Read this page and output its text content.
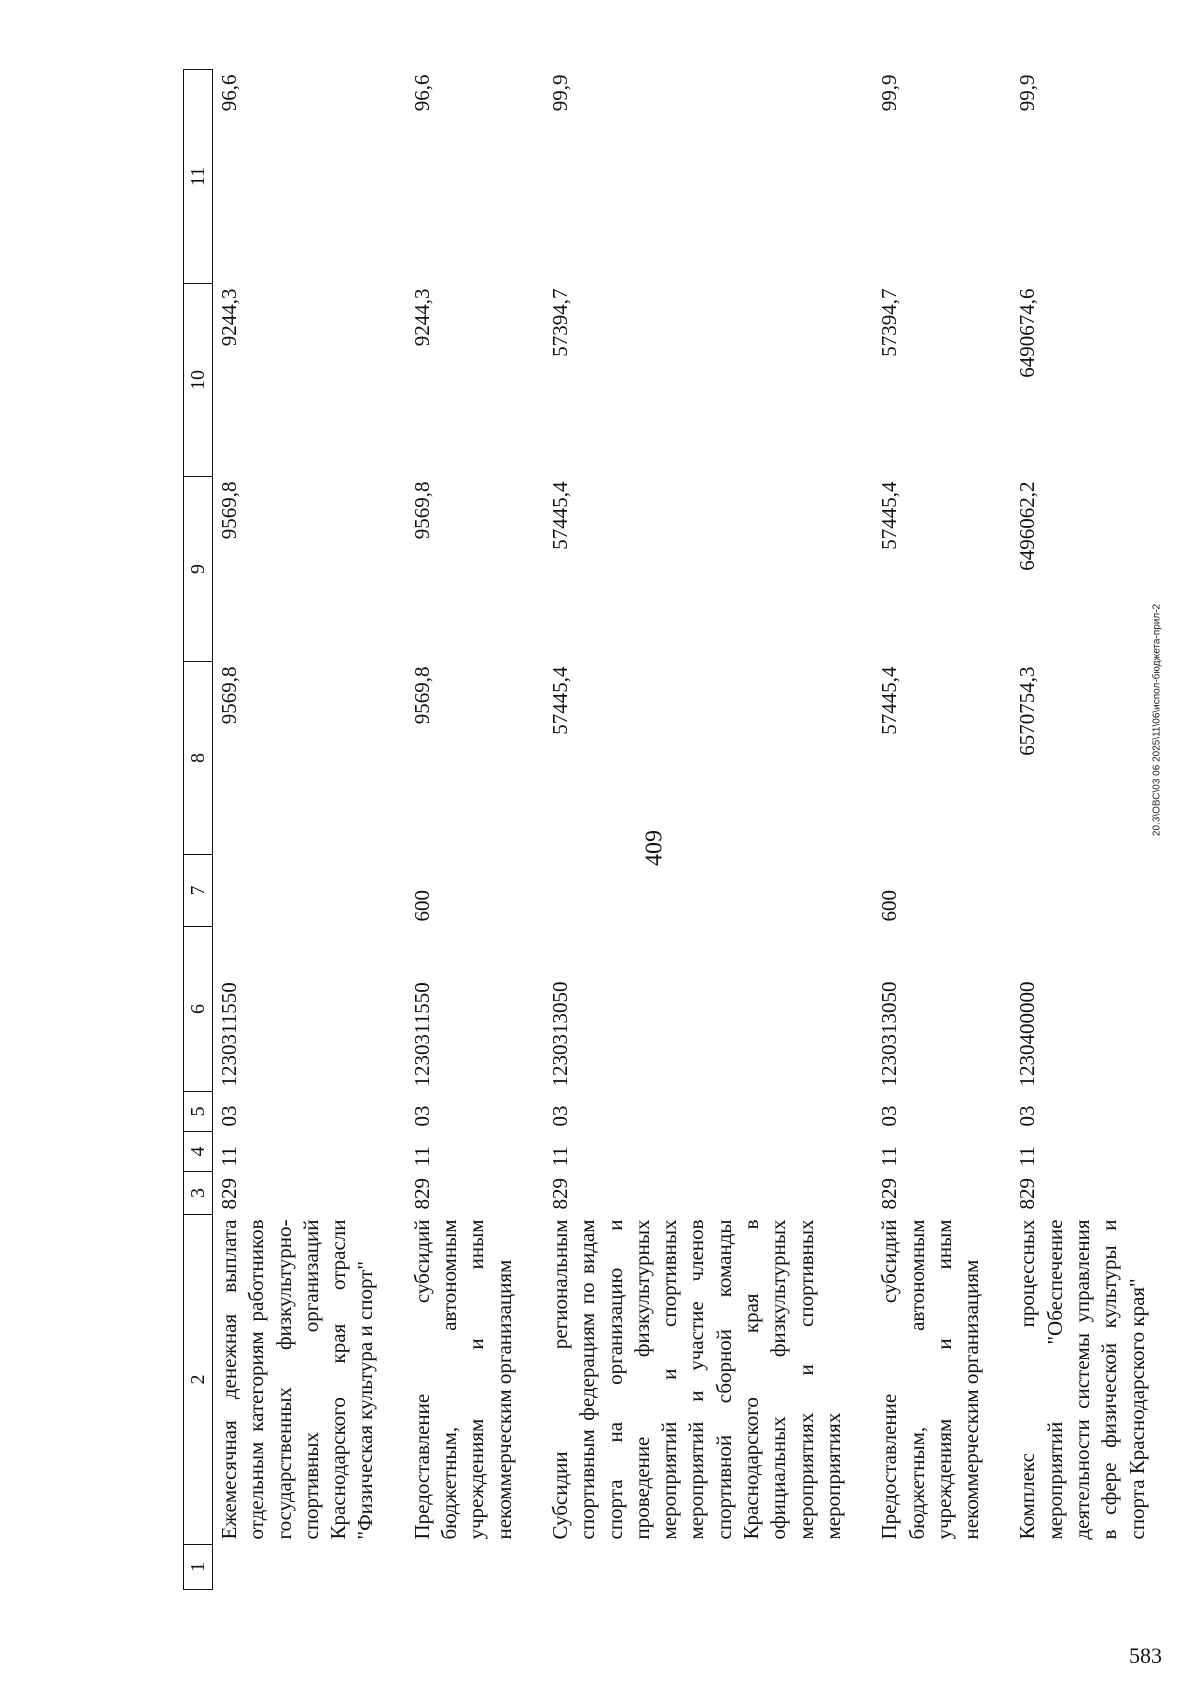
409
20.3\ОВС\03 06 2025\11\06\испол-бюджета-прил-2
583
1	2	3	4	5	6	7	8	9	10	11
	Ежемесячная денежная выплата отдельным категориям работников государственных физкультурно-спортивных организаций Краснодарского края отрасли "Физическая культура и спорт"	829	11	03	1230311550		9569,8	9569,8	9244,3	96,6
	Предоставление субсидий бюджетным, автономным учреждениям и иным некоммерческим организациям	829	11	03	1230311550	600	9569,8	9569,8	9244,3	96,6
	Субсидии региональным спортивным федерациям по видам спорта на организацию и проведение физкультурных мероприятий и спортивных мероприятий и участие членов спортивной сборной команды Краснодарского края в официальных физкультурных мероприятиях и спортивных мероприятиях	829	11	03	1230313050		57445,4	57445,4	57394,7	99,9
	Предоставление субсидий бюджетным, автономным учреждениям и иным некоммерческим организациям	829	11	03	1230313050	600	57445,4	57445,4	57394,7	99,9
	Комплекс процессных мероприятий "Обеспечение деятельности системы управления в сфере физической культуры и спорта Краснодарского края"	829	11	03	1230400000		6570754,3	6496062,2	6490674,6	99,9
